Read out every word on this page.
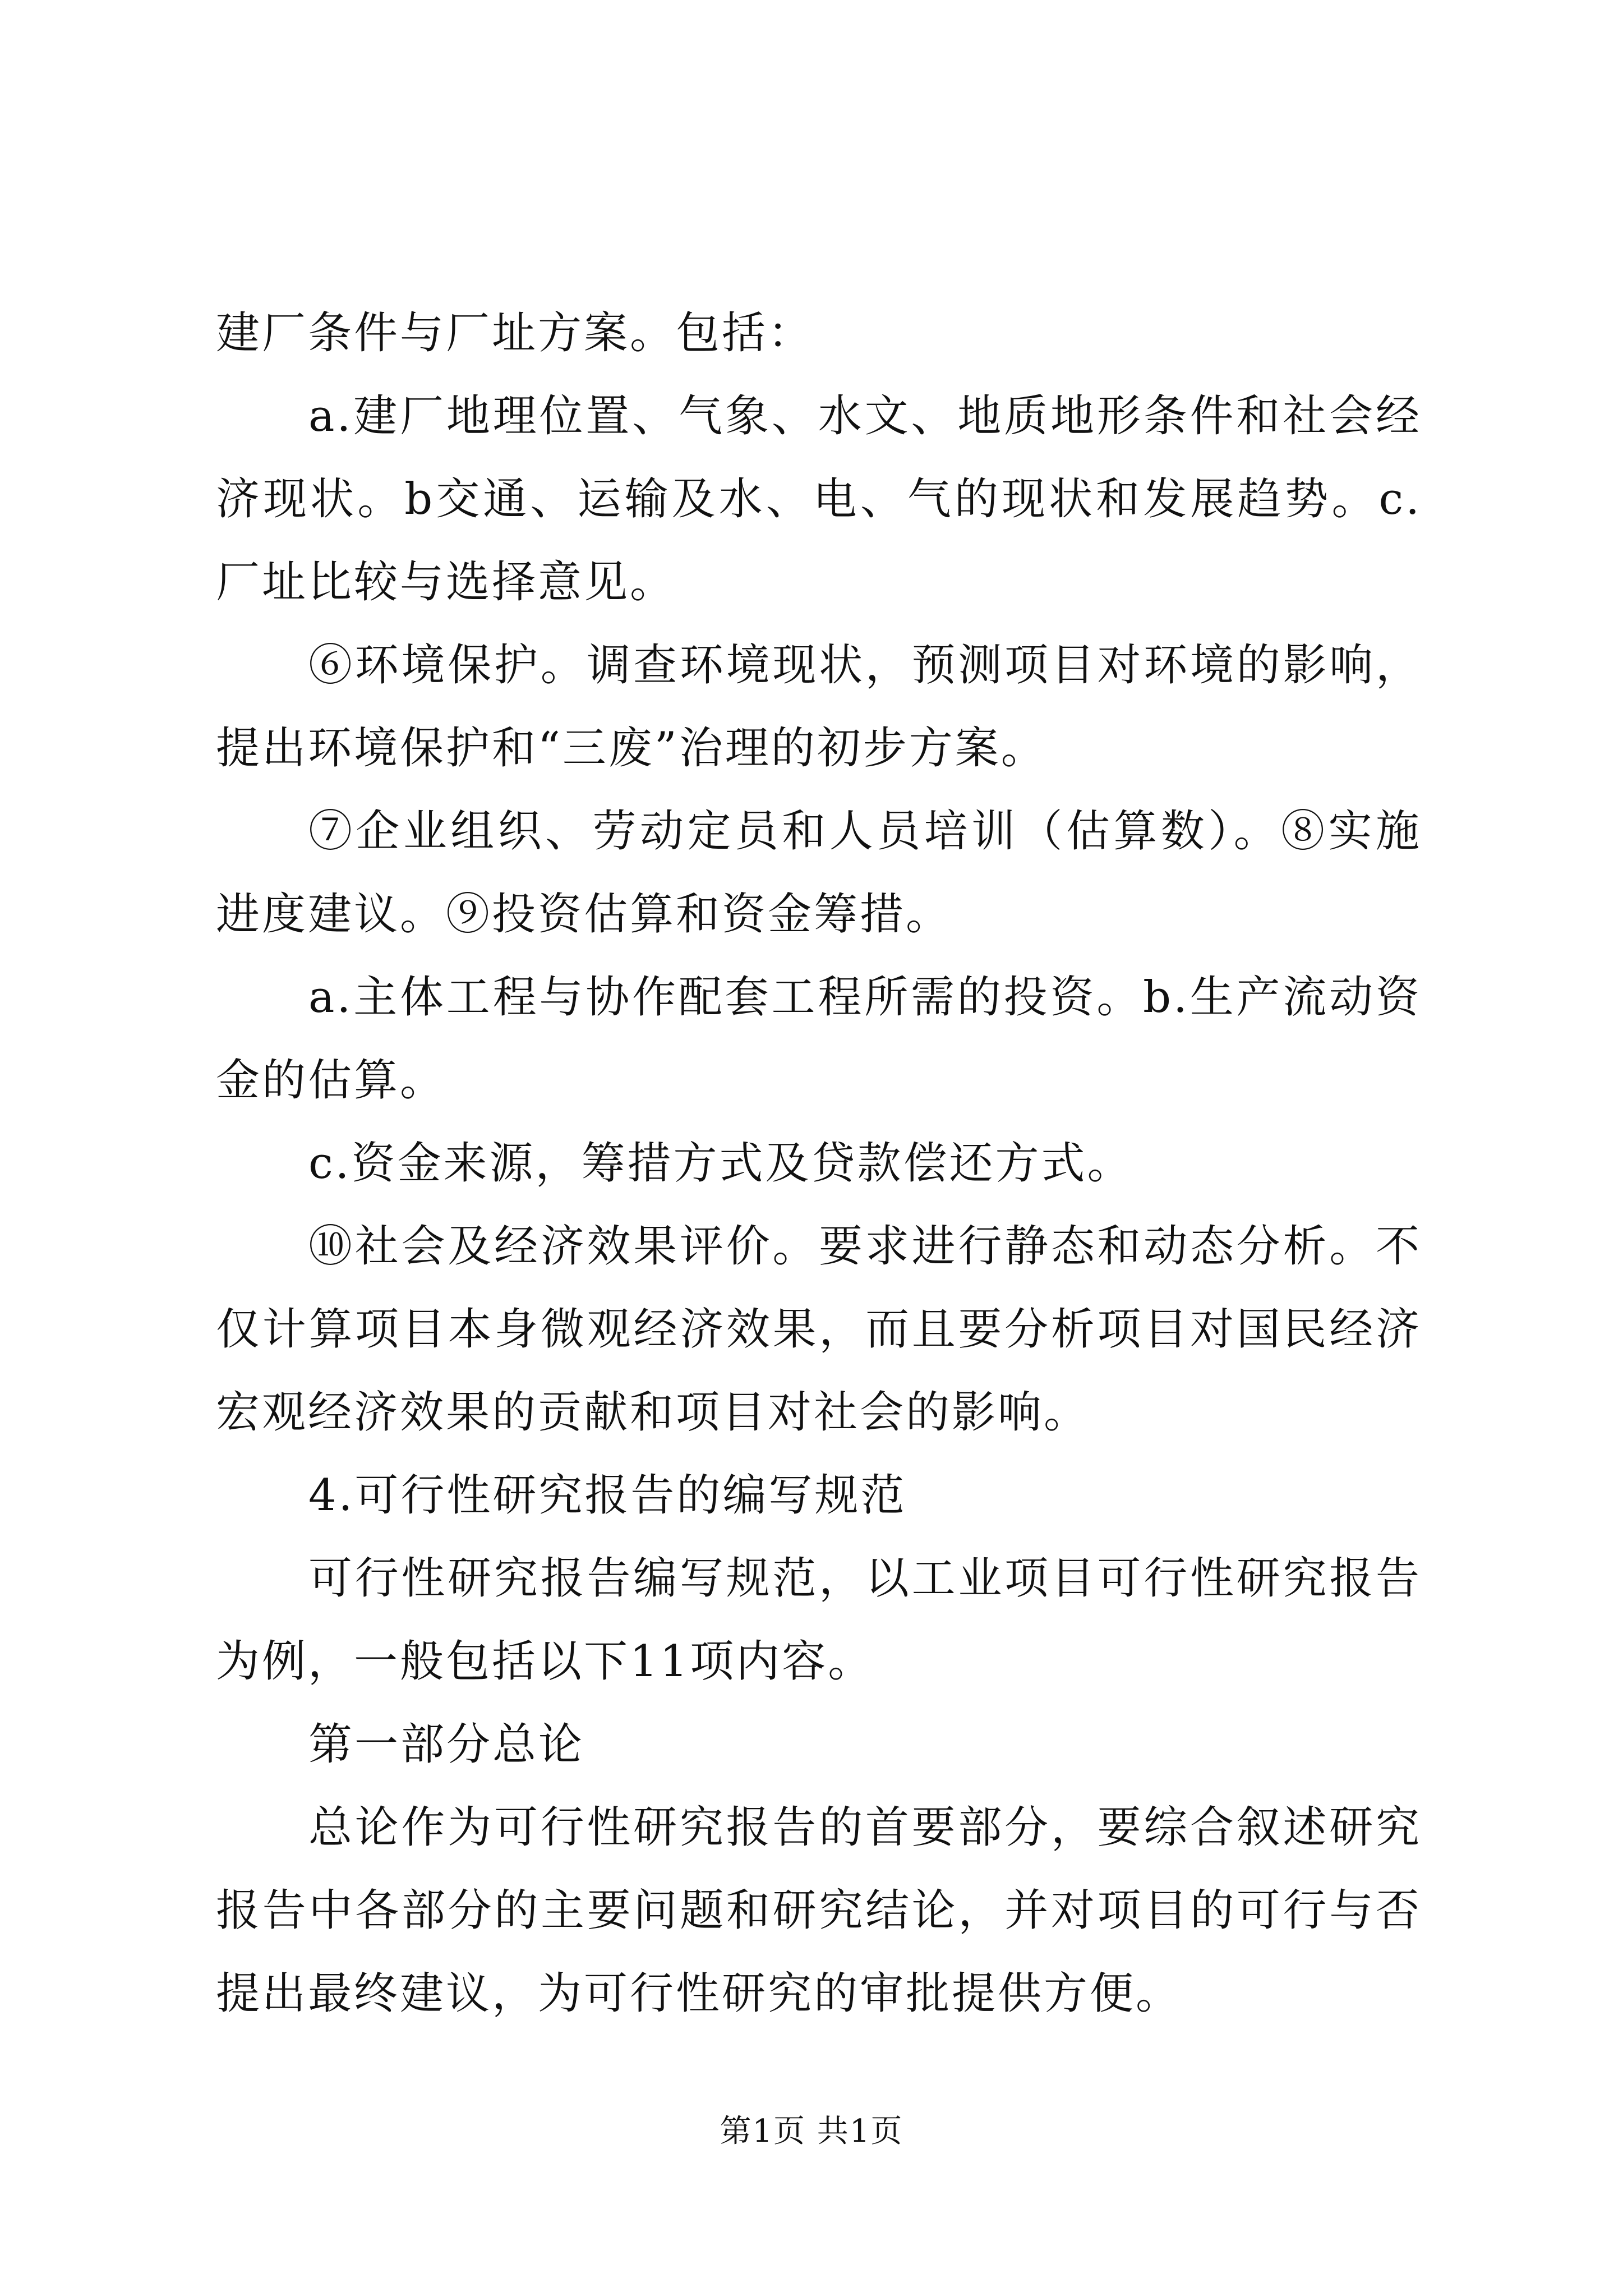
建厂条件与厂址方案。包括：

a.建厂地理位置、气象、水文、地质地形条件和社会经济现状。b交通、运输及水、电、气的现状和发展趋势。c.厂址比较与选择意见。

⑥环境保护。调查环境现状，预测项目对环境的影响，提出环境保护和“三废”治理的初步方案。

⑦企业组织、劳动定员和人员培训（估算数）。⑧实施进度建议。⑨投资估算和资金筹措。

a.主体工程与协作配套工程所需的投资。b.生产流动资金的估算。

c.资金来源，筹措方式及贷款偿还方式。

⑩社会及经济效果评价。要求进行静态和动态分析。不仅计算项目本身微观经济效果，而且要分析项目对国民经济宏观经济效果的贡献和项目对社会的影响。

4.可行性研究报告的编写规范

可行性研究报告编写规范，以工业项目可行性研究报告为例，一般包括以下11项内容。

第一部分总论

总论作为可行性研究报告的首要部分，要综合叙述研究报告中各部分的主要问题和研究结论，并对项目的可行与否提出最终建议，为可行性研究的审批提供方便。

第1页 共1页
